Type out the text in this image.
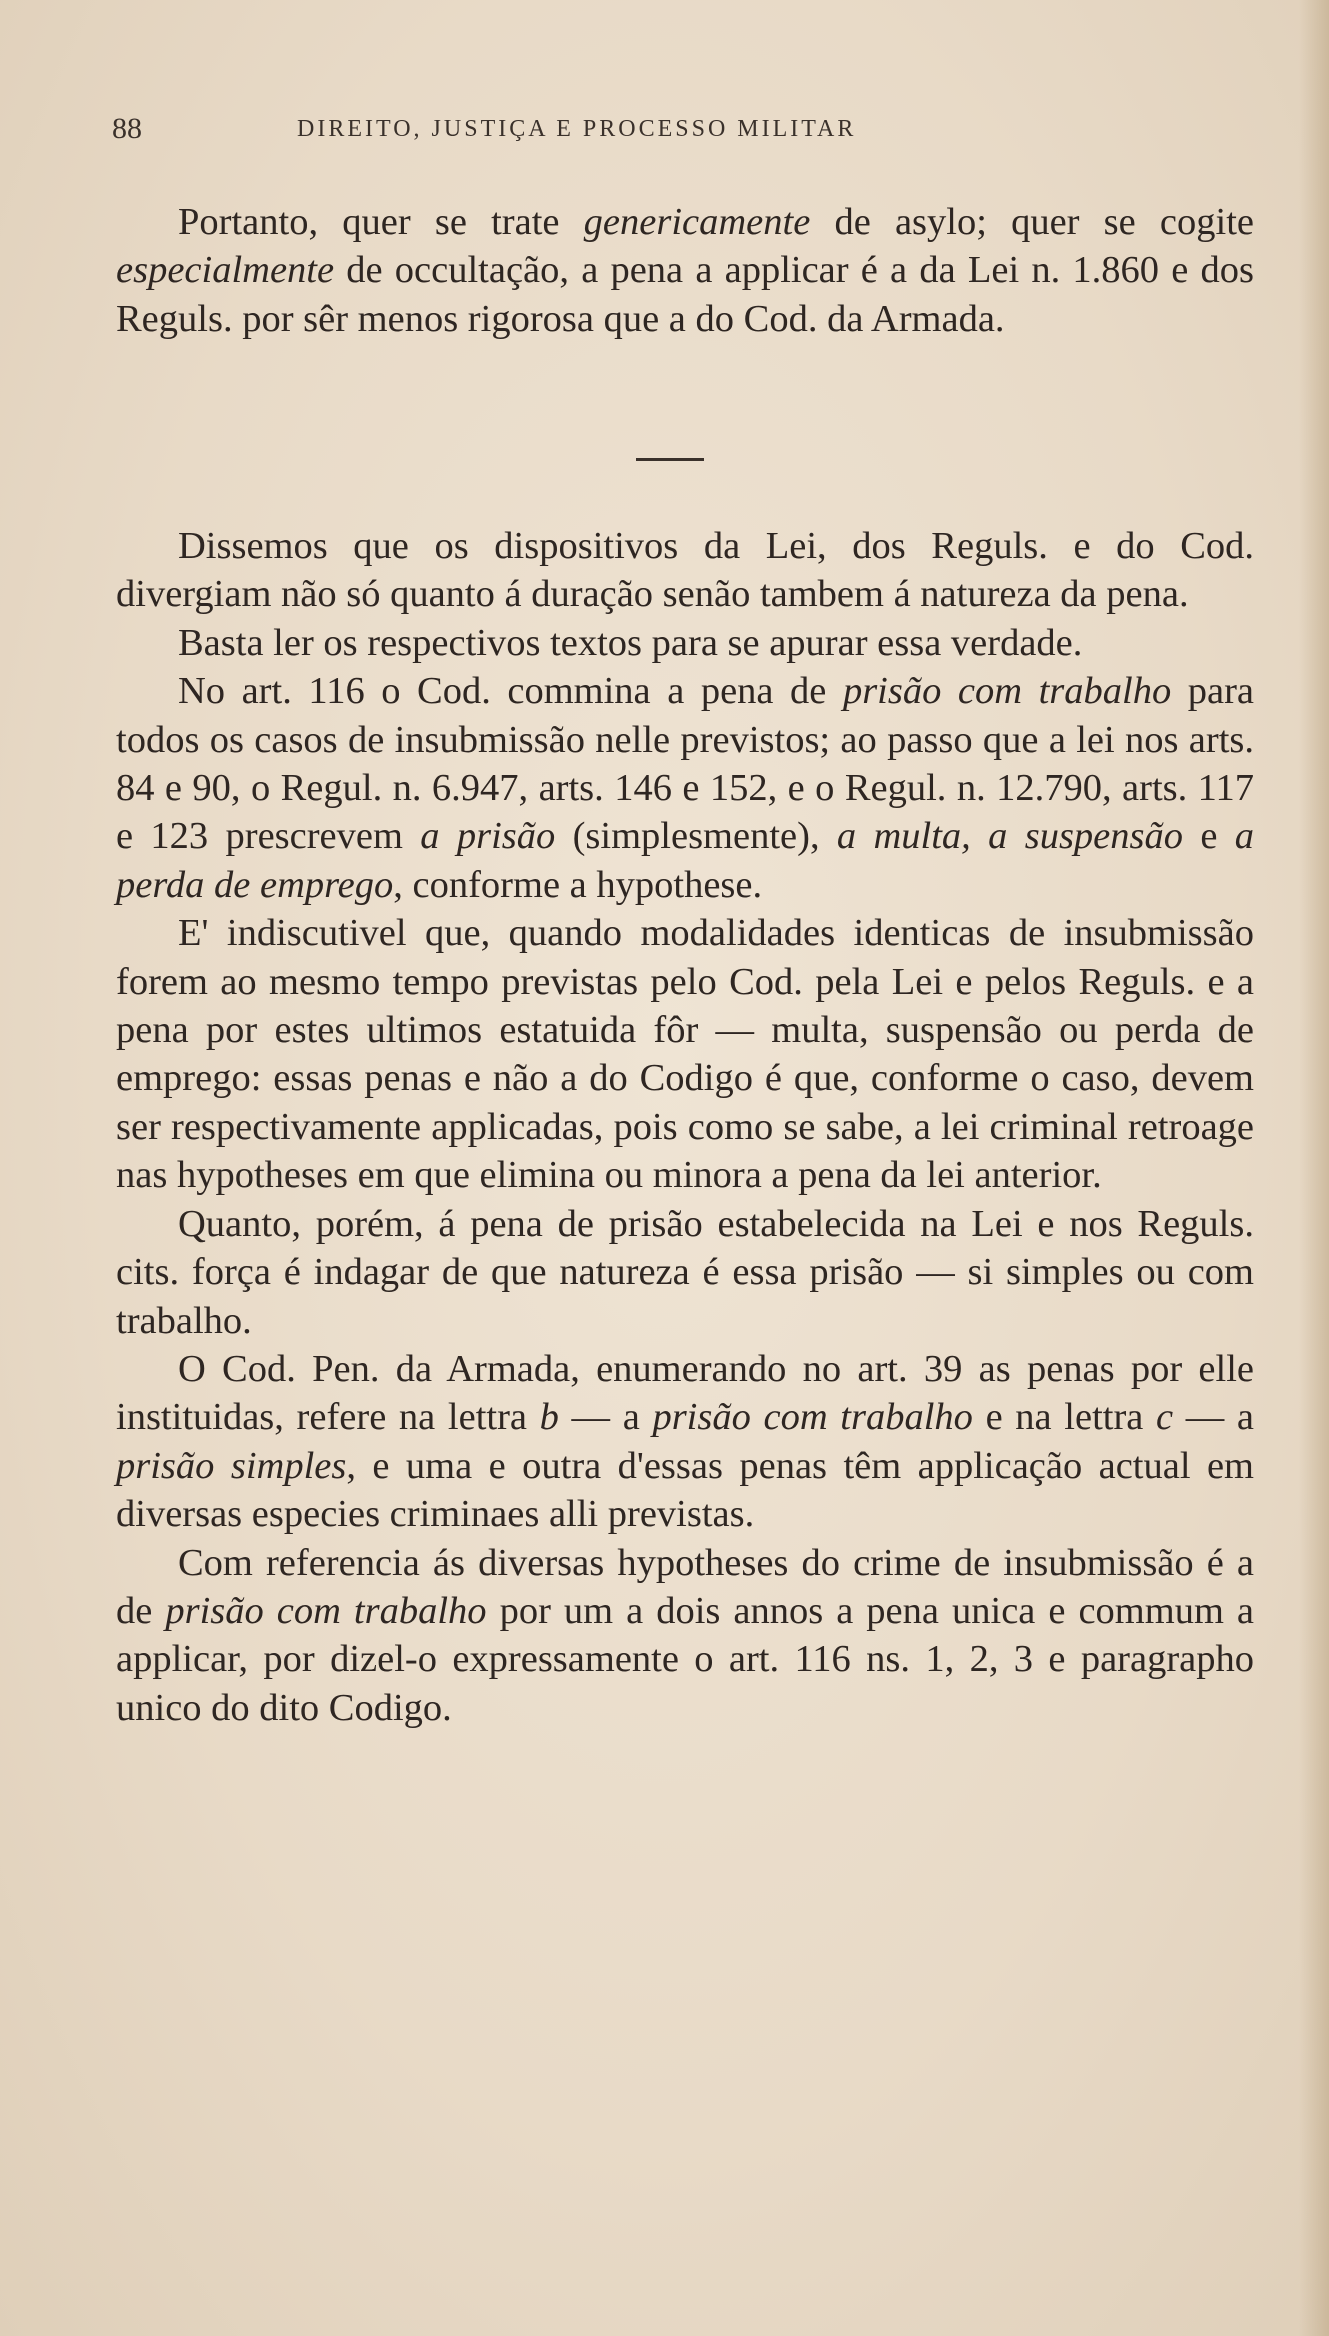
88	DIREITO, JUSTIÇA E PROCESSO MILITAR

Portanto, quer se trate genericamente de asylo; quer se cogite especialmente de occultação, a pena a applicar é a da Lei n. 1.860 e dos Reguls. por sêr menos rigorosa que a do Cod. da Armada.

Dissemos que os dispositivos da Lei, dos Reguls. e do Cod. divergiam não só quanto á duração senão tambem á natureza da pena.

Basta ler os respectivos textos para se apurar essa verdade.

No art. 116 o Cod. commina a pena de prisão com trabalho para todos os casos de insubmissão nelle previstos; ao passo que a lei nos arts. 84 e 90, o Regul. n. 6.947, arts. 146 e 152, e o Regul. n. 12.790, arts. 117 e 123 prescrevem a prisão (simplesmente), a multa, a suspensão e a perda de emprego, conforme a hypothese.

E' indiscutivel que, quando modalidades identicas de insubmissão forem ao mesmo tempo previstas pelo Cod. pela Lei e pelos Reguls. e a pena por estes ultimos estatuida fôr — multa, suspensão ou perda de emprego: essas penas e não a do Codigo é que, conforme o caso, devem ser respectivamente applicadas, pois como se sabe, a lei criminal retroage nas hypotheses em que elimina ou minora a pena da lei anterior.

Quanto, porém, á pena de prisão estabelecida na Lei e nos Reguls. cits. força é indagar de que natureza é essa prisão — si simples ou com trabalho.

O Cod. Pen. da Armada, enumerando no art. 39 as penas por elle instituidas, refere na lettra b — a prisão com trabalho e na lettra c — a prisão simples, e uma e outra d'essas penas têm applicação actual em diversas especies criminaes alli previstas.

Com referencia ás diversas hypotheses do crime de insubmissão é a de prisão com trabalho por um a dois annos a pena unica e commum a applicar, por dizel-o expressamente o art. 116 ns. 1, 2, 3 e paragrapho unico do dito Codigo.
